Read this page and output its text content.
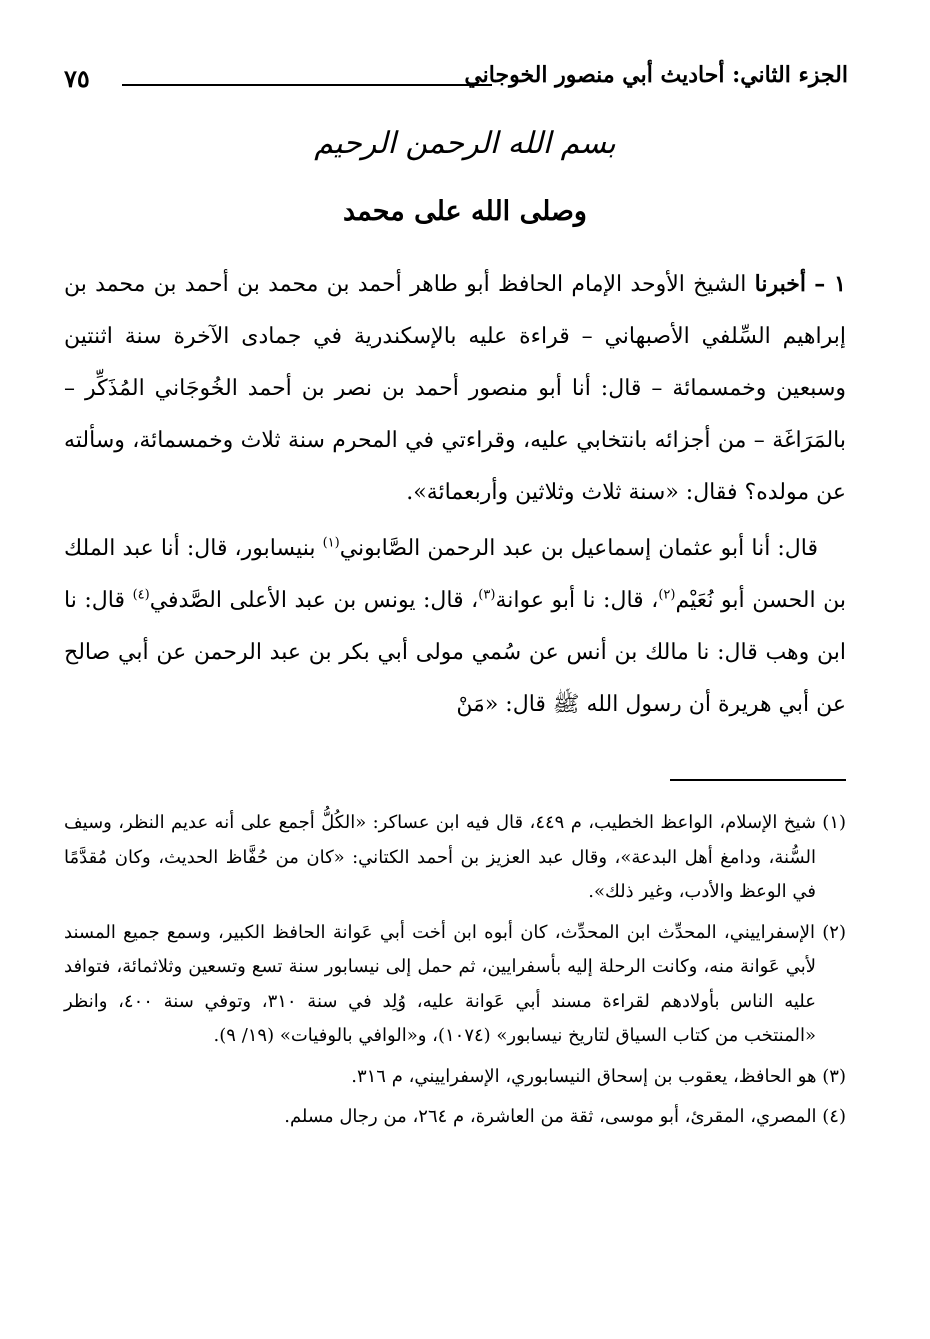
الجزء الثاني: أحاديث أبي منصور الخوجاني
٧٥
بسم الله الرحمن الرحيم
وصلى الله على محمد

١ – أخبرنا الشيخ الأوحد الإمام الحافظ أبو طاهر أحمد بن محمد بن أحمد بن محمد بن إبراهيم السِّلفي الأصبهاني – قراءة عليه بالإسكندرية في جمادى الآخرة سنة اثنتين وسبعين وخمسمائة – قال: أنا أبو منصور أحمد بن نصر بن أحمد الخُوجَاني المُذَكِّر – بالمَرَاغَة – من أجزائه بانتخابي عليه، وقراءتي في المحرم سنة ثلاث وخمسمائة، وسألته عن مولده؟ فقال: «سنة ثلاث وثلاثين وأربعمائة».

قال: أنا أبو عثمان إسماعيل بن عبد الرحمن الصَّابوني$^{(١)}$ بنيسابور، قال: أنا عبد الملك بن الحسن أبو نُعَيْم$^{(٢)}$، قال: نا أبو عوانة$^{(٣)}$، قال: يونس بن عبد الأعلى الصَّدفي$^{(٤)}$ قال: نا ابن وهب قال: نا مالك بن أنس عن سُمي مولى أبي بكر بن عبد الرحمن عن أبي صالح عن أبي هريرة أن رسول الله ﷺ قال: «مَنْ

(١) شيخ الإسلام، الواعظ الخطيب، م ٤٤٩، قال فيه ابن عساكر: «الكُلُّ أجمع على أنه عديم النظر، وسيف السُّنة، ودامغ أهل البدعة»، وقال عبد العزيز بن أحمد الكتاني: «كان من حُفَّاظ الحديث، وكان مُقدَّمًا في الوعظ والأدب، وغير ذلك».

(٢) الإسفراييني، المحدِّث ابن المحدِّث، كان أبوه ابن أخت أبي عَوانة الحافظ الكبير، وسمع جميع المسند لأبي عَوانة منه، وكانت الرحلة إليه بأسفرايين، ثم حمل إلى نيسابور سنة تسع وتسعين وثلاثمائة، فتوافد عليه الناس بأولادهم لقراءة مسند أبي عَوانة عليه، وُلِد في سنة ٣١٠، وتوفي سنة ٤٠٠، وانظر «المنتخب من كتاب السياق لتاريخ نيسابور» (١٠٧٤)، و«الوافي بالوفيات» (١٩/ ٩).

(٣) هو الحافظ، يعقوب بن إسحاق النيسابوري، الإسفراييني، م ٣١٦.

(٤) المصري، المقرئ، أبو موسى، ثقة من العاشرة، م ٢٦٤، من رجال مسلم.
